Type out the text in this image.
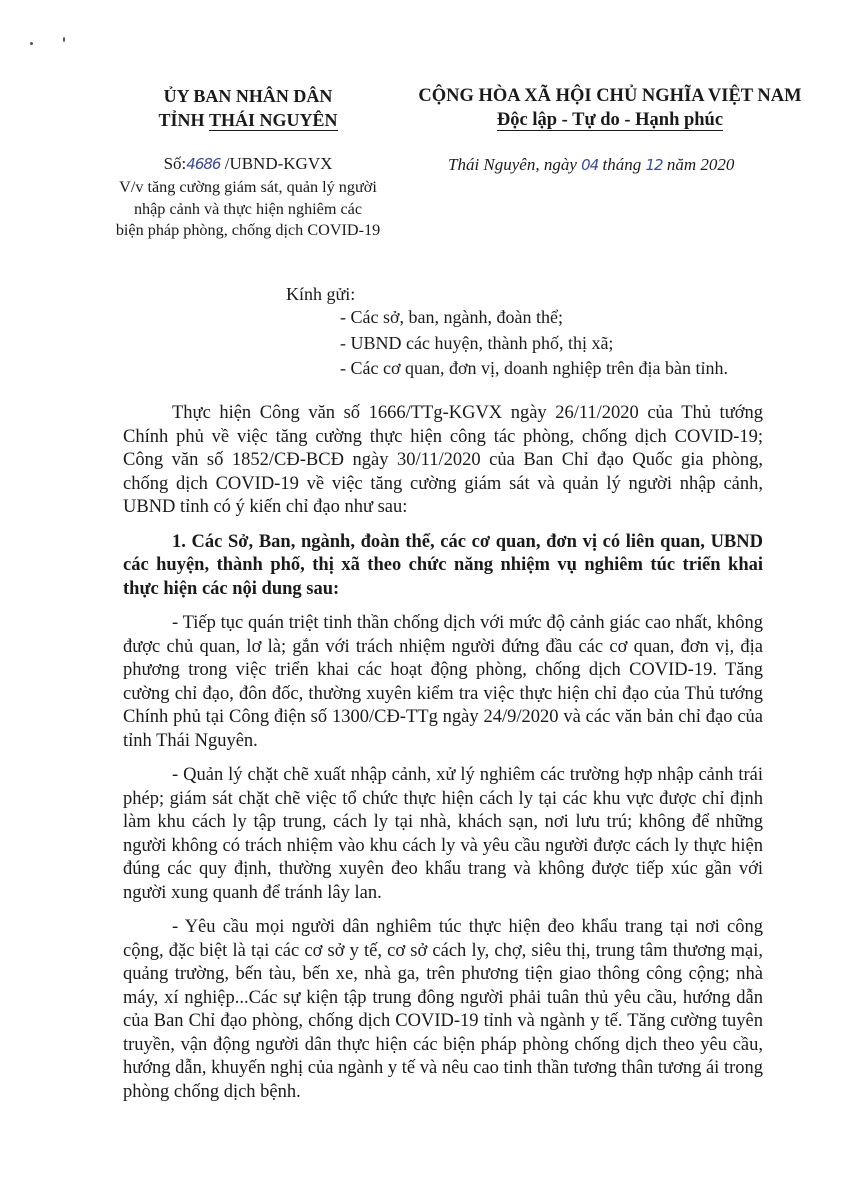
ỦY BAN NHÂN DÂN
TỈNH THÁI NGUYÊN
Số:4686 /UBND-KGVX
V/v tăng cường giám sát, quản lý người
nhập cảnh và thực hiện nghiêm các
biện pháp phòng, chống dịch COVID-19
CỘNG HÒA XÃ HỘI CHỦ NGHĨA VIỆT NAM
Độc lập - Tự do - Hạnh phúc
Thái Nguyên, ngày 04 tháng 12 năm 2020
Kính gửi:
- Các sở, ban, ngành, đoàn thể;
- UBND các huyện, thành phố, thị xã;
- Các cơ quan, đơn vị, doanh nghiệp trên địa bàn tỉnh.

Thực hiện Công văn số 1666/TTg-KGVX ngày 26/11/2020 của Thủ tướng Chính phủ về việc tăng cường thực hiện công tác phòng, chống dịch COVID-19; Công văn số 1852/CĐ-BCĐ ngày 30/11/2020 của Ban Chỉ đạo Quốc gia phòng, chống dịch COVID-19 về việc tăng cường giám sát và quản lý người nhập cảnh, UBND tỉnh có ý kiến chỉ đạo như sau:

1. Các Sở, Ban, ngành, đoàn thể, các cơ quan, đơn vị có liên quan, UBND các huyện, thành phố, thị xã theo chức năng nhiệm vụ nghiêm túc triển khai thực hiện các nội dung sau:

- Tiếp tục quán triệt tinh thần chống dịch với mức độ cảnh giác cao nhất, không được chủ quan, lơ là; gắn với trách nhiệm người đứng đầu các cơ quan, đơn vị, địa phương trong việc triển khai các hoạt động phòng, chống dịch COVID-19. Tăng cường chỉ đạo, đôn đốc, thường xuyên kiểm tra việc thực hiện chỉ đạo của Thủ tướng Chính phủ tại Công điện số 1300/CĐ-TTg ngày 24/9/2020 và các văn bản chỉ đạo của tỉnh Thái Nguyên.

- Quản lý chặt chẽ xuất nhập cảnh, xử lý nghiêm các trường hợp nhập cảnh trái phép; giám sát chặt chẽ việc tổ chức thực hiện cách ly tại các khu vực được chỉ định làm khu cách ly tập trung, cách ly tại nhà, khách sạn, nơi lưu trú; không để những người không có trách nhiệm vào khu cách ly và yêu cầu người được cách ly thực hiện đúng các quy định, thường xuyên đeo khẩu trang và không được tiếp xúc gần với người xung quanh để tránh lây lan.

- Yêu cầu mọi người dân nghiêm túc thực hiện đeo khẩu trang tại nơi công cộng, đặc biệt là tại các cơ sở y tế, cơ sở cách ly, chợ, siêu thị, trung tâm thương mại, quảng trường, bến tàu, bến xe, nhà ga, trên phương tiện giao thông công cộng; nhà máy, xí nghiệp...Các sự kiện tập trung đông người phải tuân thủ yêu cầu, hướng dẫn của Ban Chỉ đạo phòng, chống dịch COVID-19 tỉnh và ngành y tế. Tăng cường tuyên truyền, vận động người dân thực hiện các biện pháp phòng chống dịch theo yêu cầu, hướng dẫn, khuyến nghị của ngành y tế và nêu cao tinh thần tương thân tương ái trong phòng chống dịch bệnh.
